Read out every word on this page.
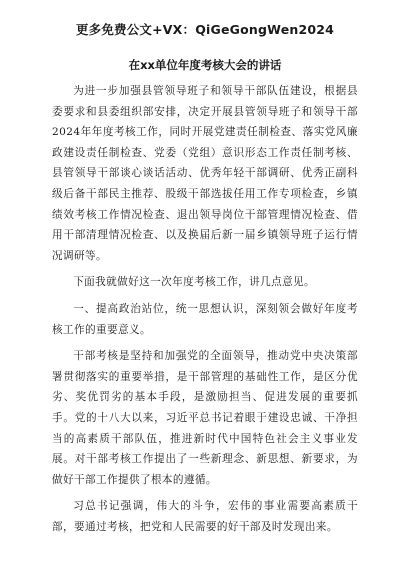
更多免费公文+VX：QiGeGongWen2024
在xx单位年度考核大会的讲话

为进一步加强县管领导班子和领导干部队伍建设，根据县委要求和县委组织部安排，决定开展县管领导班子和领导干部2024年年度考核工作，同时开展党建责任制检查、落实党风廉政建设责任制检查、党委（党组）意识形态工作责任制考核、县管领导干部谈心谈话活动、优秀年轻干部调研、优秀正副科级后备干部民主推荐、股级干部选拔任用工作专项检查，乡镇绩效考核工作情况检查、退出领导岗位干部管理情况检查、借用干部清理情况检查、以及换届后新一届乡镇领导班子运行情况调研等。

下面我就做好这一次年度考核工作，讲几点意见。

一、提高政治站位，统一思想认识，深刻领会做好年度考核工作的重要意义。

干部考核是坚持和加强党的全面领导，推动党中央决策部署贯彻落实的重要举措，是干部管理的基础性工作，是区分优劣、奖优罚劣的基本手段，是激励担当、促进发展的重要抓手。党的十八大以来，习近平总书记着眼于建设忠诚、干净担当的高素质干部队伍，推进新时代中国特色社会主义事业发展。对干部考核工作提出了一些新理念、新思想、新要求，为做好干部工作提供了根本的遵循。

习总书记强调，伟大的斗争，宏伟的事业需要高素质干部，要通过考核，把党和人民需要的好干部及时发现出来。
